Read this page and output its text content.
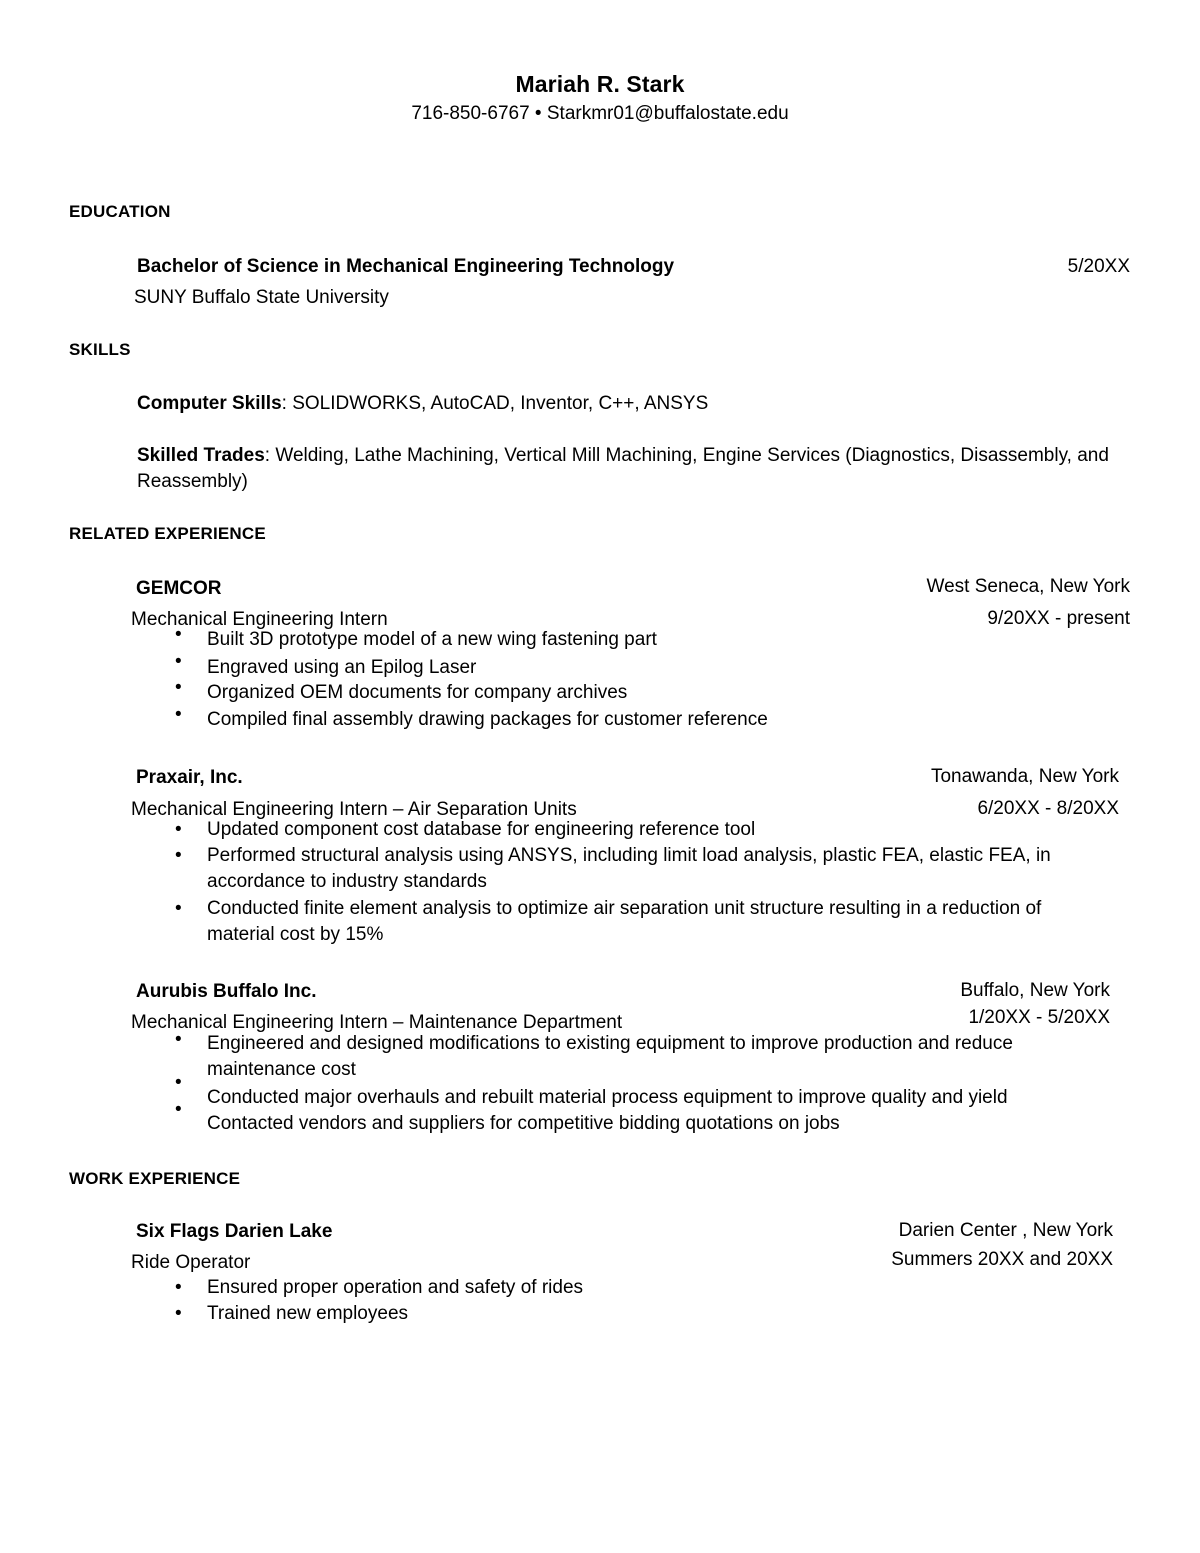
Mariah R. Stark
716-850-6767 • Starkmr01@buffalostate.edu
EDUCATION
Bachelor of Science in Mechanical Engineering Technology	5/20XX
SUNY Buffalo State University
SKILLS
Computer Skills: SOLIDWORKS, AutoCAD, Inventor, C++, ANSYS
Skilled Trades: Welding, Lathe Machining, Vertical Mill Machining, Engine Services (Diagnostics, Disassembly, and Reassembly)
RELATED EXPERIENCE
GEMCOR	West Seneca, New York
Mechanical Engineering Intern	9/20XX - present
• Built 3D prototype model of a new wing fastening part
• Engraved using an Epilog Laser
• Organized OEM documents for company archives
• Compiled final assembly drawing packages for customer reference
Praxair, Inc.	Tonawanda, New York
Mechanical Engineering Intern – Air Separation Units	6/20XX - 8/20XX
• Updated component cost database for engineering reference tool
• Performed structural analysis using ANSYS, including limit load analysis, plastic FEA, elastic FEA, in accordance to industry standards
• Conducted finite element analysis to optimize air separation unit structure resulting in a reduction of material cost by 15%
Aurubis Buffalo Inc.	Buffalo, New York
Mechanical Engineering Intern – Maintenance Department	1/20XX - 5/20XX
• Engineered and designed modifications to existing equipment to improve production and reduce maintenance cost
•
Conducted major overhauls and rebuilt material process equipment to improve quality and yield
•
Contacted vendors and suppliers for competitive bidding quotations on jobs
WORK EXPERIENCE
Six Flags Darien Lake	Darien Center , New York
Ride Operator	Summers 20XX and 20XX
• Ensured proper operation and safety of rides
• Trained new employees
